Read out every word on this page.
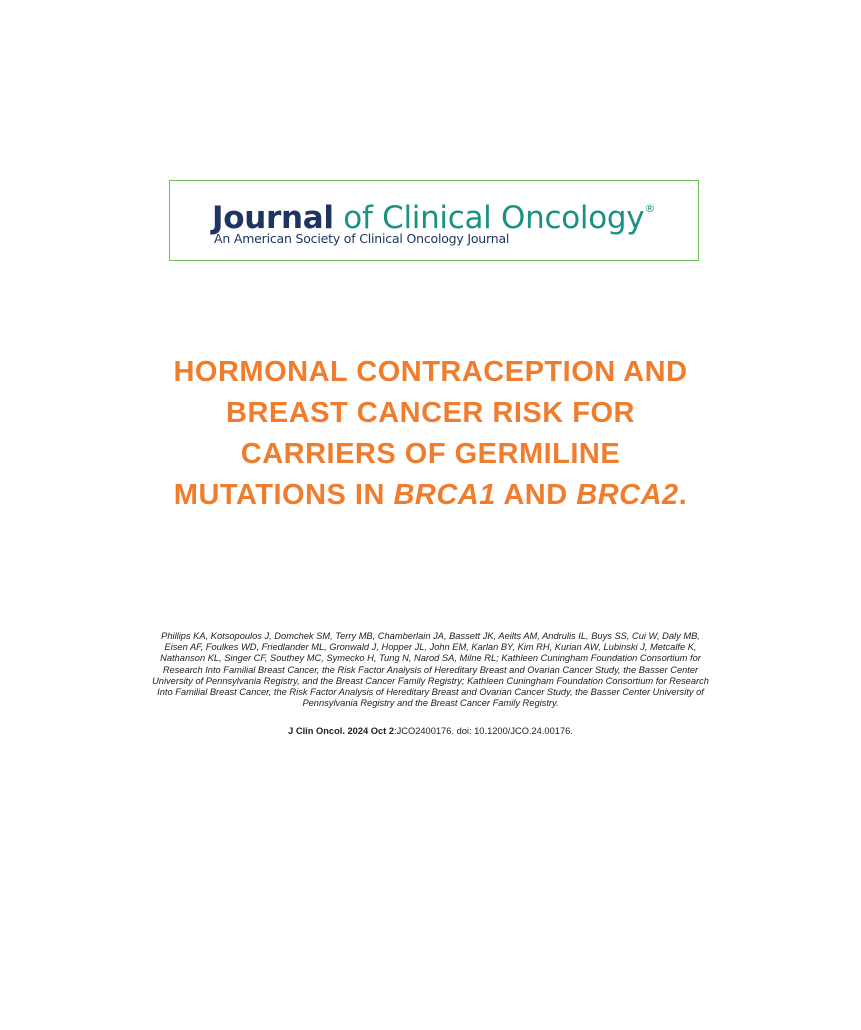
Journal of Clinical Oncology®
An American Society of Clinical Oncology Journal
HORMONAL CONTRACEPTION AND
BREAST CANCER RISK FOR
CARRIERS OF GERMILINE
MUTATIONS IN BRCA1 AND BRCA2.
Phillips KA, Kotsopoulos J, Domchek SM, Terry MB, Chamberlain JA, Bassett JK, Aeilts AM, Andrulis IL, Buys SS, Cui W, Daly MB,
Eisen AF, Foulkes WD, Friedlander ML, Gronwald J, Hopper JL, John EM, Karlan BY, Kim RH, Kurian AW, Lubinski J, Metcalfe K,
Nathanson KL, Singer CF, Southey MC, Symecko H, Tung N, Narod SA, Milne RL; Kathleen Cuningham Foundation Consortium for
Research Into Familial Breast Cancer, the Risk Factor Analysis of Hereditary Breast and Ovarian Cancer Study, the Basser Center
University of Pennsylvania Registry, and the Breast Cancer Family Registry; Kathleen Cuningham Foundation Consortium for Research
Into Familial Breast Cancer, the Risk Factor Analysis of Hereditary Breast and Ovarian Cancer Study, the Basser Center University of
Pennsylvania Registry and the Breast Cancer Family Registry.
J Clin Oncol. 2024 Oct 2:JCO2400176. doi: 10.1200/JCO.24.00176.
